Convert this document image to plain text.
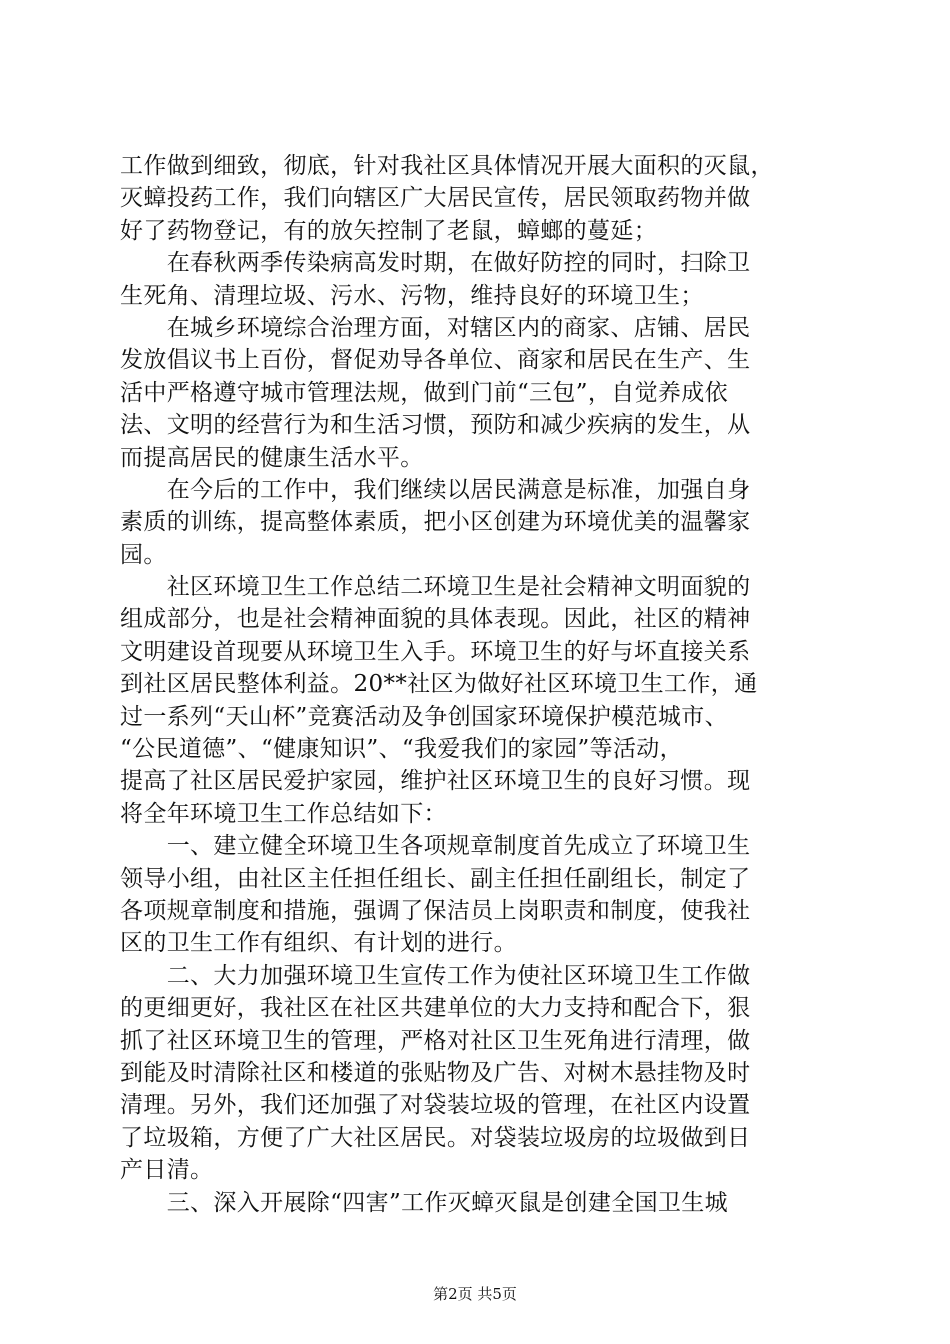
工作做到细致，彻底，针对我社区具体情况开展大面积的灭鼠，
灭蟑投药工作，我们向辖区广大居民宣传，居民领取药物并做
好了药物登记，有的放矢控制了老鼠，蟑螂的蔓延；
　　在春秋两季传染病高发时期，在做好防控的同时，扫除卫
生死角、清理垃圾、污水、污物，维持良好的环境卫生；
　　在城乡环境综合治理方面，对辖区内的商家、店铺、居民
发放倡议书上百份，督促劝导各单位、商家和居民在生产、生
活中严格遵守城市管理法规，做到门前“三包”，自觉养成依
法、文明的经营行为和生活习惯，预防和减少疾病的发生，从
而提高居民的健康生活水平。
　　在今后的工作中，我们继续以居民满意是标准，加强自身
素质的训练，提高整体素质，把小区创建为环境优美的温馨家
园。
　　社区环境卫生工作总结二环境卫生是社会精神文明面貌的
组成部分，也是社会精神面貌的具体表现。因此，社区的精神
文明建设首现要从环境卫生入手。环境卫生的好与坏直接关系
到社区居民整体利益。20**社区为做好社区环境卫生工作，通
过一系列“天山杯”竞赛活动及争创国家环境保护模范城市、
“公民道德”、“健康知识”、“我爱我们的家园”等活动，
提高了社区居民爱护家园，维护社区环境卫生的良好习惯。现
将全年环境卫生工作总结如下：
　　一、建立健全环境卫生各项规章制度首先成立了环境卫生
领导小组，由社区主任担任组长、副主任担任副组长，制定了
各项规章制度和措施，强调了保洁员上岗职责和制度，使我社
区的卫生工作有组织、有计划的进行。
　　二、大力加强环境卫生宣传工作为使社区环境卫生工作做
的更细更好，我社区在社区共建单位的大力支持和配合下，狠
抓了社区环境卫生的管理，严格对社区卫生死角进行清理，做
到能及时清除社区和楼道的张贴物及广告、对树木悬挂物及时
清理。另外，我们还加强了对袋装垃圾的管理，在社区内设置
了垃圾箱，方便了广大社区居民。对袋装垃圾房的垃圾做到日
产日清。
　　三、深入开展除“四害”工作灭蟑灭鼠是创建全国卫生城
第2页 共5页
